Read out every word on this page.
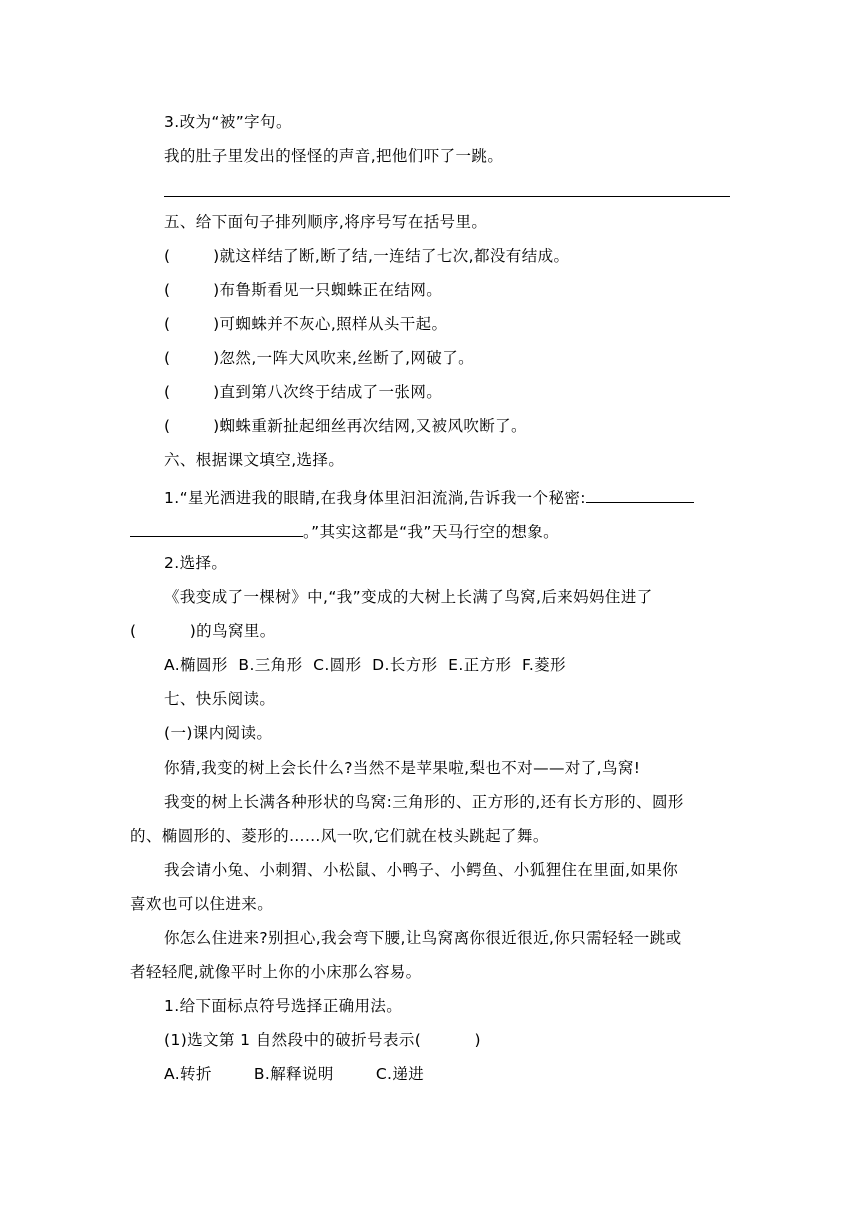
3.改为“被”字句。
我的肚子里发出的怪怪的声音,把他们吓了一跳。
五、给下面句子排列顺序,将序号写在括号里。
(        )就这样结了断,断了结,一连结了七次,都没有结成。
(        )布鲁斯看见一只蜘蛛正在结网。
(        )可蜘蛛并不灰心,照样从头干起。
(        )忽然,一阵大风吹来,丝断了,网破了。
(        )直到第八次终于结成了一张网。
(        )蜘蛛重新扯起细丝再次结网,又被风吹断了。
六、根据课文填空,选择。
1.“星光洒进我的眼睛,在我身体里汩汩流淌,告诉我一个秘密:
。”其实这都是“我”天马行空的想象。
2.选择。
《我变成了一棵树》中,“我”变成的大树上长满了鸟窝,后来妈妈住进了
(          )的鸟窝里。
A.椭圆形  B.三角形  C.圆形  D.长方形  E.正方形  F.菱形
七、快乐阅读。
(一)课内阅读。
你猜,我变的树上会长什么?当然不是苹果啦,梨也不对——对了,鸟窝!
我变的树上长满各种形状的鸟窝:三角形的、正方形的,还有长方形的、圆形
的、椭圆形的、菱形的……风一吹,它们就在枝头跳起了舞。
我会请小兔、小刺猬、小松鼠、小鸭子、小鳄鱼、小狐狸住在里面,如果你
喜欢也可以住进来。
你怎么住进来?别担心,我会弯下腰,让鸟窝离你很近很近,你只需轻轻一跳或
者轻轻爬,就像平时上你的小床那么容易。
1.给下面标点符号选择正确用法。
(1)选文第 1 自然段中的破折号表示(          )
A.转折	B.解释说明	C.递进
